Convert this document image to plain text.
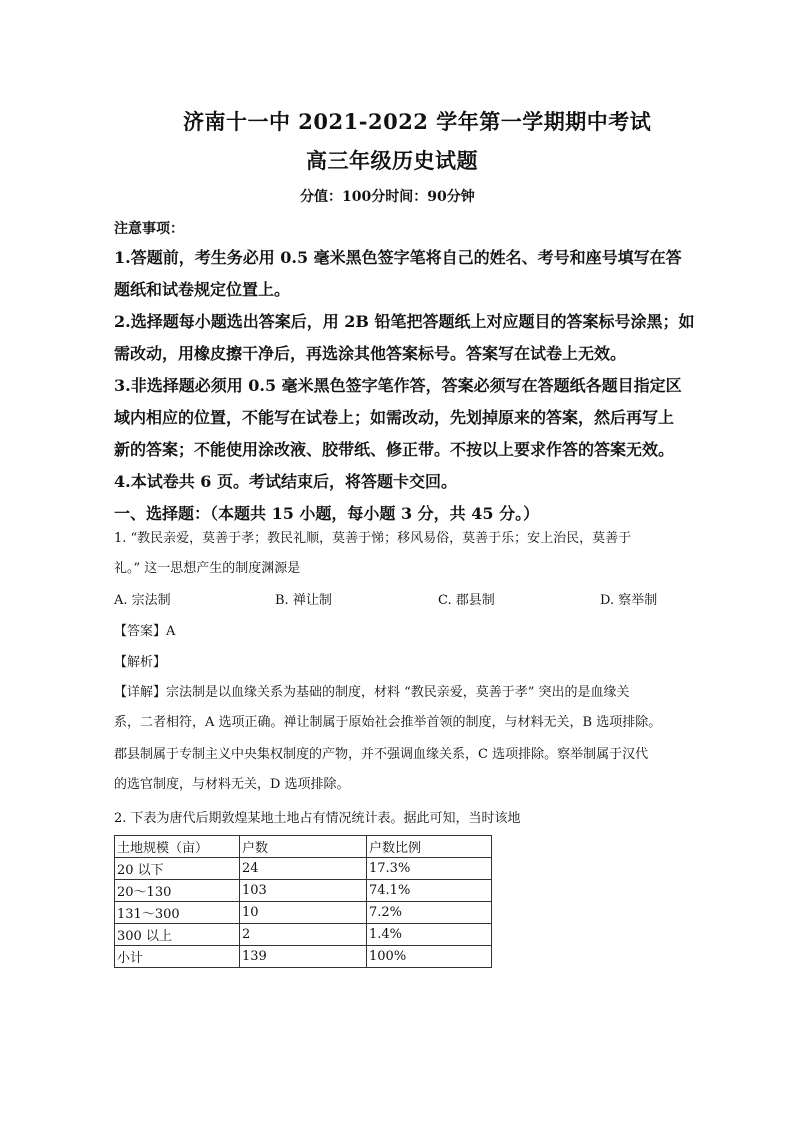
济南十一中 2021-2022 学年第一学期期中考试
高三年级历史试题
分值：100分时间：90分钟
注意事项：
1.答题前，考生务必用 0.5 毫米黑色签字笔将自己的姓名、考号和座号填写在答
题纸和试卷规定位置上。
2.选择题每小题选出答案后，用 2B 铅笔把答题纸上对应题目的答案标号涂黑；如
需改动，用橡皮擦干净后，再选涂其他答案标号。答案写在试卷上无效。
3.非选择题必须用 0.5 毫米黑色签字笔作答，答案必须写在答题纸各题目指定区
域内相应的位置，不能写在试卷上；如需改动，先划掉原来的答案，然后再写上
新的答案；不能使用涂改液、胶带纸、修正带。不按以上要求作答的答案无效。
4.本试卷共 6 页。考试结束后，将答题卡交回。
一、选择题：（本题共 15 小题，每小题 3 分，共 45 分。）
1. “教民亲爱，莫善于孝；教民礼顺，莫善于悌；移风易俗，莫善于乐；安上治民，莫善于
礼。” 这一思想产生的制度渊源是
A. 宗法制	B. 禅让制	C. 郡县制	D. 察举制
【答案】A
【解析】
【详解】宗法制是以血缘关系为基础的制度，材料 “教民亲爱，莫善于孝” 突出的是血缘关
系，二者相符，A 选项正确。禅让制属于原始社会推举首领的制度，与材料无关，B 选项排除。
郡县制属于专制主义中央集权制度的产物，并不强调血缘关系，C 选项排除。察举制属于汉代
的选官制度，与材料无关，D 选项排除。
2. 下表为唐代后期敦煌某地土地占有情况统计表。据此可知，当时该地
土地规模（亩）	户数	户数比例
20 以下	24	17.3%
20～130	103	74.1%
131～300	10	7.2%
300 以上	2	1.4%
小计	139	100%
